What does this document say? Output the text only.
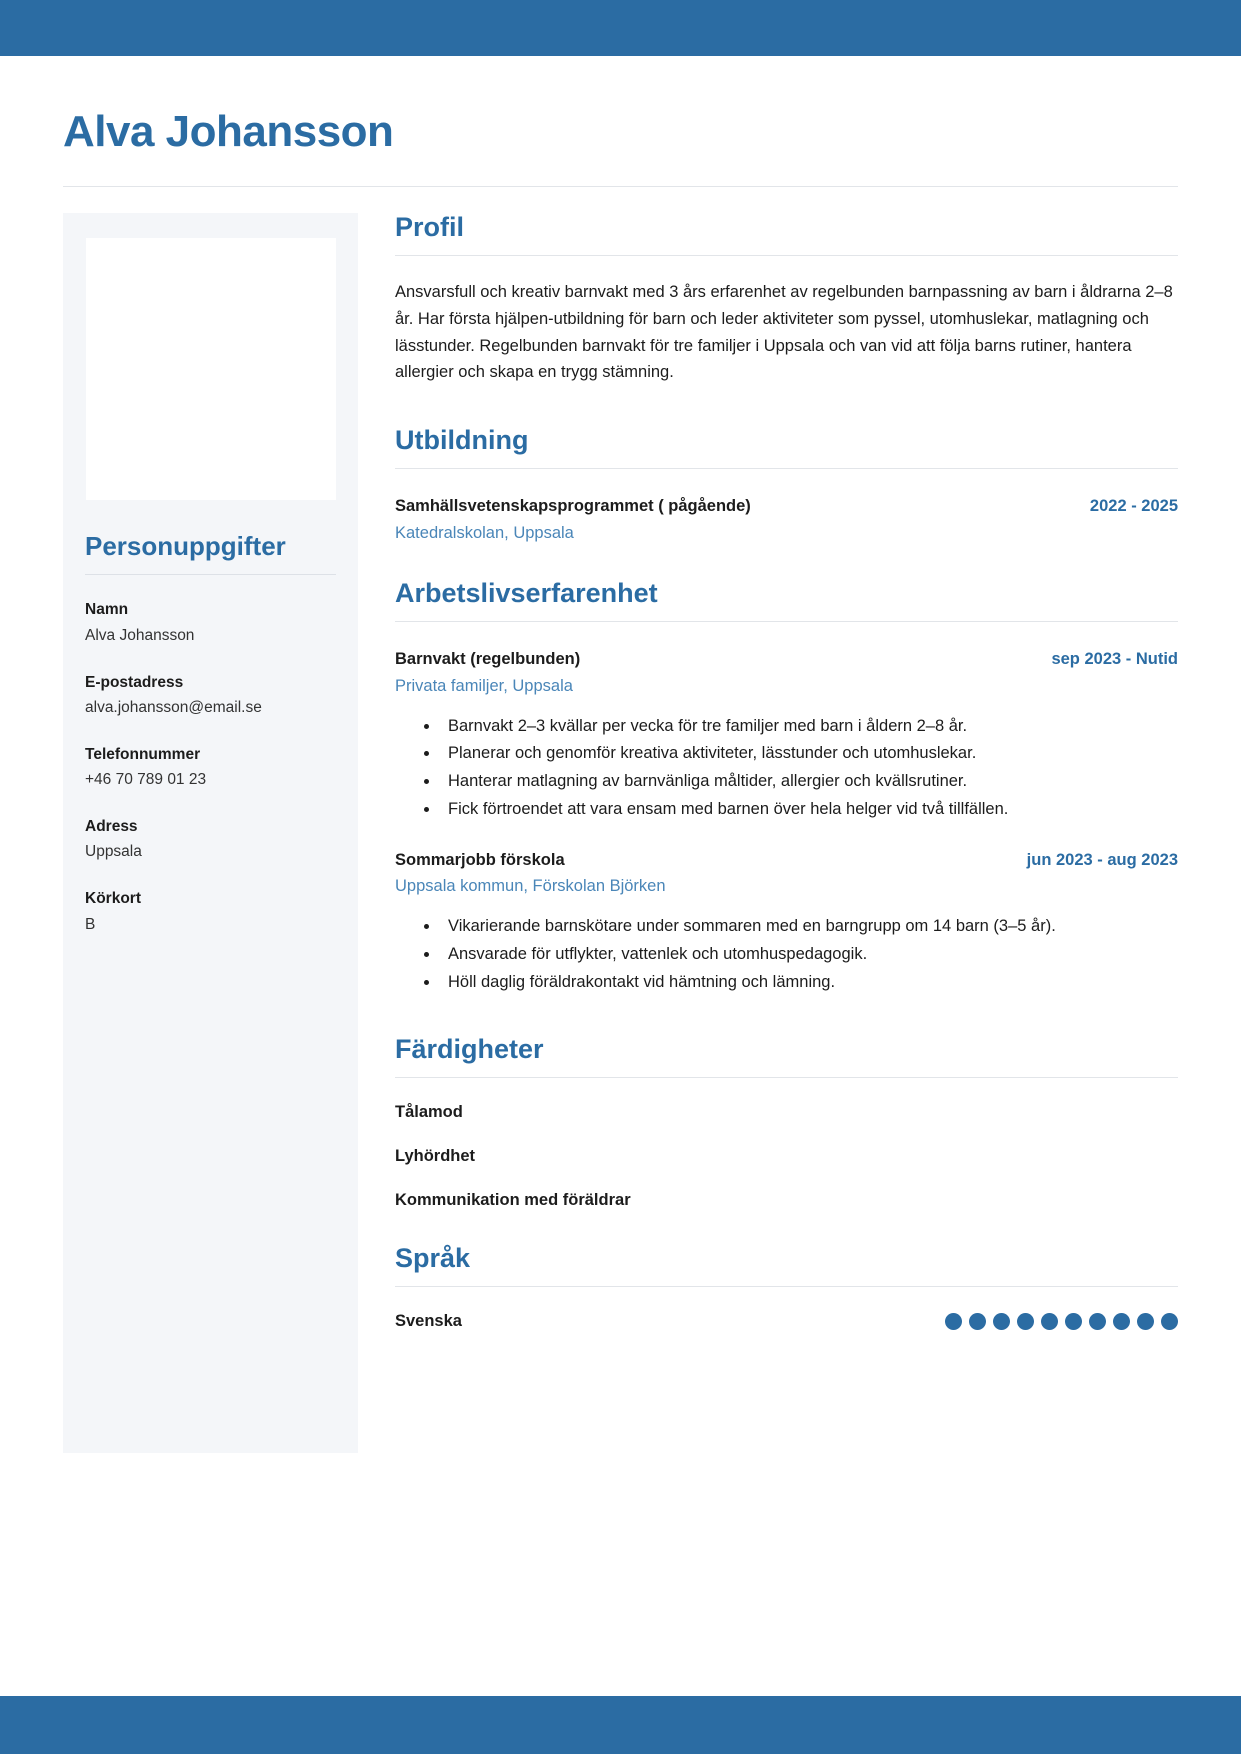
Alva Johansson
Personuppgifter
Namn
Alva Johansson
E-postadress
alva.johansson@email.se
Telefonnummer
+46 70 789 01 23
Adress
Uppsala
Körkort
B
Profil

Ansvarsfull och kreativ barnvakt med 3 års erfarenhet av regelbunden barnpassning av barn i åldrarna 2–8 år. Har första hjälpen-utbildning för barn och leder aktiviteter som pyssel, utomhuslekar, matlagning och lässtunder. Regelbunden barnvakt för tre familjer i Uppsala och van vid att följa barns rutiner, hantera allergier och skapa en trygg stämning.

Utbildning
Samhällsvetenskapsprogrammet ( pågående)	2022 - 2025
Katedralskolan, Uppsala
Arbetslivserfarenhet
Barnvakt (regelbunden)	sep 2023 - Nutid
Privata familjer, Uppsala
• Barnvakt 2–3 kvällar per vecka för tre familjer med barn i åldern 2–8 år.
• Planerar och genomför kreativa aktiviteter, lässtunder och utomhuslekar.
• Hanterar matlagning av barnvänliga måltider, allergier och kvällsrutiner.
• Fick förtroendet att vara ensam med barnen över hela helger vid två tillfällen.
Sommarjobb förskola	jun 2023 - aug 2023
Uppsala kommun, Förskolan Björken
• Vikarierande barnskötare under sommaren med en barngrupp om 14 barn (3–5 år).
• Ansvarade för utflykter, vattenlek och utomhuspedagogik.
• Höll daglig föräldrakontakt vid hämtning och lämning.
Färdigheter
Tålamod
Lyhördhet
Kommunikation med föräldrar
Språk
Svenska
